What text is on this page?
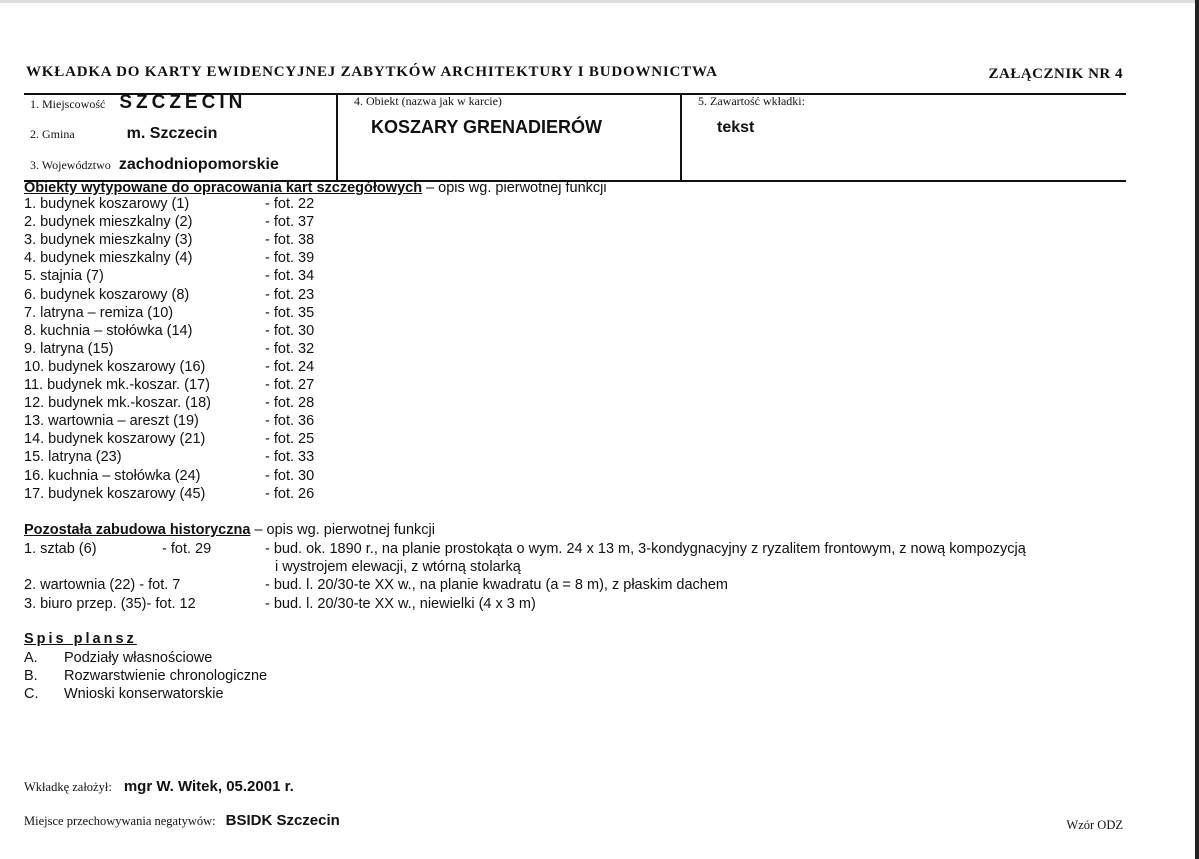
WKŁADKA DO KARTY EWIDENCYJNEJ ZABYTKÓW ARCHITEKTURY I BUDOWNICTWA	ZAŁĄCZNIK NR 4
1. Miejscowość SZCZECIN
2. Gmina	m. Szczecin
3. Województwo zachodniopomorskie
4. Obiekt (nazwa jak w karcie)
KOSZARY GRENADIERÓW
5. Zawartość wkładki:
tekst
Obiekty wytypowane do opracowania kart szczegółowych – opis wg. pierwotnej funkcji
1. budynek koszarowy (1)	- fot. 22
2. budynek mieszkalny (2)	- fot. 37
3. budynek mieszkalny (3)	- fot. 38
4. budynek mieszkalny (4)	- fot. 39
5. stajnia (7)	- fot. 34
6. budynek koszarowy (8)	- fot. 23
7. latryna – remiza (10)	- fot. 35
8. kuchnia – stołówka (14)	- fot. 30
9. latryna (15)	- fot. 32
10. budynek koszarowy (16)	- fot. 24
11. budynek mk.-koszar. (17)	- fot. 27
12. budynek mk.-koszar. (18)	- fot. 28
13. wartownia – areszt (19)	- fot. 36
14. budynek koszarowy (21)	- fot. 25
15. latryna (23)	- fot. 33
16. kuchnia – stołówka (24)	- fot. 30
17. budynek koszarowy (45)	- fot. 26
Pozostała zabudowa historyczna – opis wg. pierwotnej funkcji
1. sztab (6)	- fot. 29	- bud. ok. 1890 r., na planie prostokąta o wym. 24 x 13 m, 3-kondygnacyjny z ryzalitem frontowym, z nową kompozycją
i wystrojem elewacji, z wtórną stolarką
2. wartownia (22) - fot. 7	- bud. l. 20/30-te XX w., na planie kwadratu (a = 8 m), z płaskim dachem
3. biuro przep. (35)- fot. 12	- bud. l. 20/30-te XX w., niewielki (4 x 3 m)
Spis plansz
A. Podziały własnościowe
B. Rozwarstwienie chronologiczne
C. Wnioski konserwatorskie
Wkładkę założył: mgr W. Witek, 05.2001 r.
Miejsce przechowywania negatywów: BSIDK Szczecin	Wzór ODZ
